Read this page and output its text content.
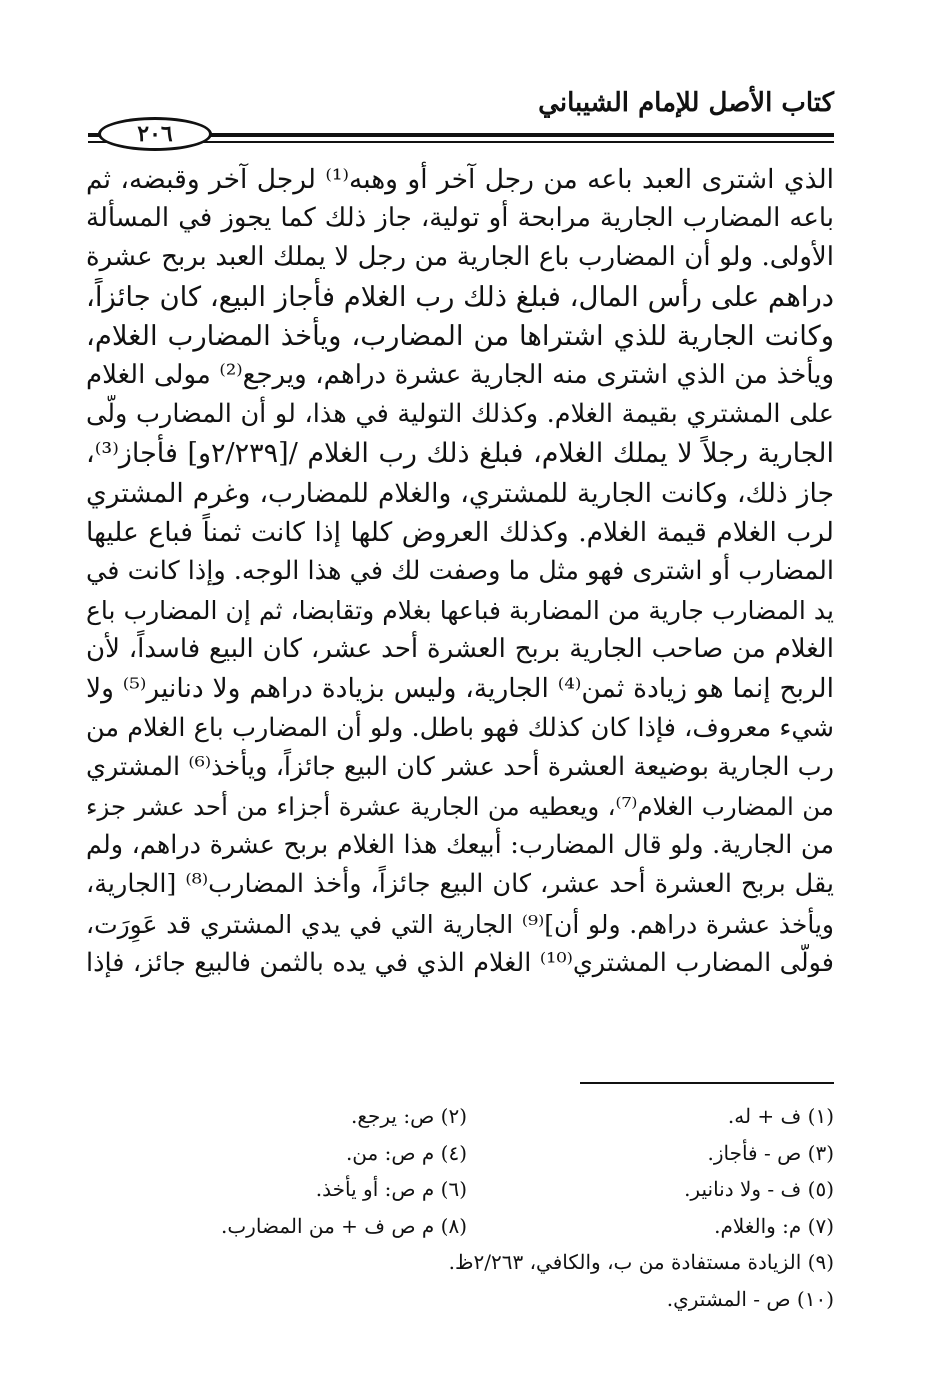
كتاب الأصل للإمام الشيباني
٢٠٦
الذي اشترى العبد باعه من رجل آخر أو وهبه⁽¹⁾ لرجل آخر وقبضه، ثم
باعه المضارب الجارية مرابحة أو تولية، جاز ذلك كما يجوز في المسألة
الأولى. ولو أن المضارب باع الجارية من رجل لا يملك العبد بربح عشرة
دراهم على رأس المال، فبلغ ذلك رب الغلام فأجاز البيع، كان جائزاً،
وكانت الجارية للذي اشتراها من المضارب، ويأخذ المضارب الغلام،
ويأخذ من الذي اشترى منه الجارية عشرة دراهم، ويرجع⁽²⁾ مولى الغلام
على المشتري بقيمة الغلام. وكذلك التولية في هذا، لو أن المضارب ولّى
الجارية رجلاً لا يملك الغلام، فبلغ ذلك رب الغلام /[٢/٢٣٩و] فأجاز⁽³⁾،
جاز ذلك، وكانت الجارية للمشتري، والغلام للمضارب، وغرم المشتري
لرب الغلام قيمة الغلام. وكذلك العروض كلها إذا كانت ثمناً فباع عليها
المضارب أو اشترى فهو مثل ما وصفت لك في هذا الوجه. وإذا كانت في
يد المضارب جارية من المضاربة فباعها بغلام وتقابضا، ثم إن المضارب باع
الغلام من صاحب الجارية بربح العشرة أحد عشر، كان البيع فاسداً، لأن
الربح إنما هو زيادة ثمن⁽⁴⁾ الجارية، وليس بزيادة دراهم ولا دنانير⁽⁵⁾ ولا
شيء معروف، فإذا كان كذلك فهو باطل. ولو أن المضارب باع الغلام من
رب الجارية بوضيعة العشرة أحد عشر كان البيع جائزاً، ويأخذ⁽⁶⁾ المشتري
من المضارب الغلام⁽⁷⁾، ويعطيه من الجارية عشرة أجزاء من أحد عشر جزء
من الجارية. ولو قال المضارب: أبيعك هذا الغلام بربح عشرة دراهم، ولم
يقل بربح العشرة أحد عشر، كان البيع جائزاً، وأخذ المضارب⁽⁸⁾ [الجارية،
ويأخذ عشرة دراهم. ولو أن]⁽⁹⁾ الجارية التي في يدي المشتري قد عَوِرَت،
فولّى المضارب المشتري⁽¹⁰⁾ الغلام الذي في يده بالثمن فالبيع جائز، فإذا
(١) ف + له.
(٢) ص: يرجع.
(٣) ص - فأجاز.
(٤) م ص: من.
(٥) ف - ولا دنانير.
(٦) م ص: أو يأخذ.
(٧) م: والغلام.
(٨) م ص ف + من المضارب.
(٩) الزيادة مستفادة من ب، والكافي، ٢/٢٦٣ظ.
(١٠) ص - المشتري.
